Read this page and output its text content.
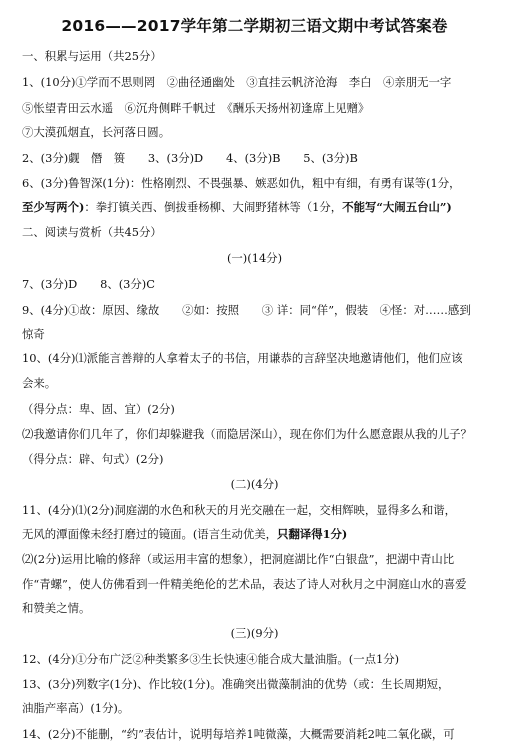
2016——2017学年第二学期初三语文期中考试答案卷
一、积累与运用（共25分）
1、(10分)①学而不思则罔　②曲径通幽处　③直挂云帆济沧海　李白　④亲朋无一字
⑤怅望青田云水遥　⑥沉舟侧畔千帆过　《酬乐天扬州初逢席上见赠》
⑦大漠孤烟直，长河落日圆。
2、(3分)觑　僭　篑　　3、(3分)D　　4、(3分)B　　5、(3分)B
6、(3分)鲁智深(1分)：性格刚烈、不畏强暴、嫉恶如仇，粗中有细，有勇有谋等(1分，
至少写两个)：拳打镇关西、倒拔垂杨柳、大闹野猪林等（1分，不能写“大闹五台山”)
二、阅读与赏析（共45分）
(一)(14分)
7、(3分)D　　8、(3分)C
9、(4分)①故：原因、缘故　　②如：按照　　③ 详：同“佯”，假装　④怪：对……感到
惊奇
10、(4分)⑴派能言善辩的人拿着太子的书信，用谦恭的言辞坚决地邀请他们，他们应该
会来。
（得分点：卑、固、宜）(2分)
⑵我邀请你们几年了，你们却躲避我（而隐居深山），现在你们为什么愿意跟从我的儿子？
（得分点：辟、句式）(2分)
(二)(4分)
11、(4分)⑴(2分)洞庭湖的水色和秋天的月光交融在一起，交相辉映，显得多么和谐，
无风的潭面像未经打磨过的镜面。(语言生动优美，只翻译得1分)
⑵(2分)运用比喻的修辞（或运用丰富的想象），把洞庭湖比作“白银盘”，把湖中青山比
作“青螺”，使人仿佛看到一件精美绝伦的艺术品，表达了诗人对秋月之中洞庭山水的喜爱
和赞美之情。
(三)(9分)
12、(4分)①分布广泛②种类繁多③生长快速④能合成大量油脂。(一点1分)
13、(3分)列数字(1分)、作比较(1分)。准确突出微藻制油的优势（或：生长周期短，
油脂产率高）(1分)。
14、(2分)不能删，“约”表估计，说明每培养1吨微藻，大概需要消耗2吨二氧化碳，可
